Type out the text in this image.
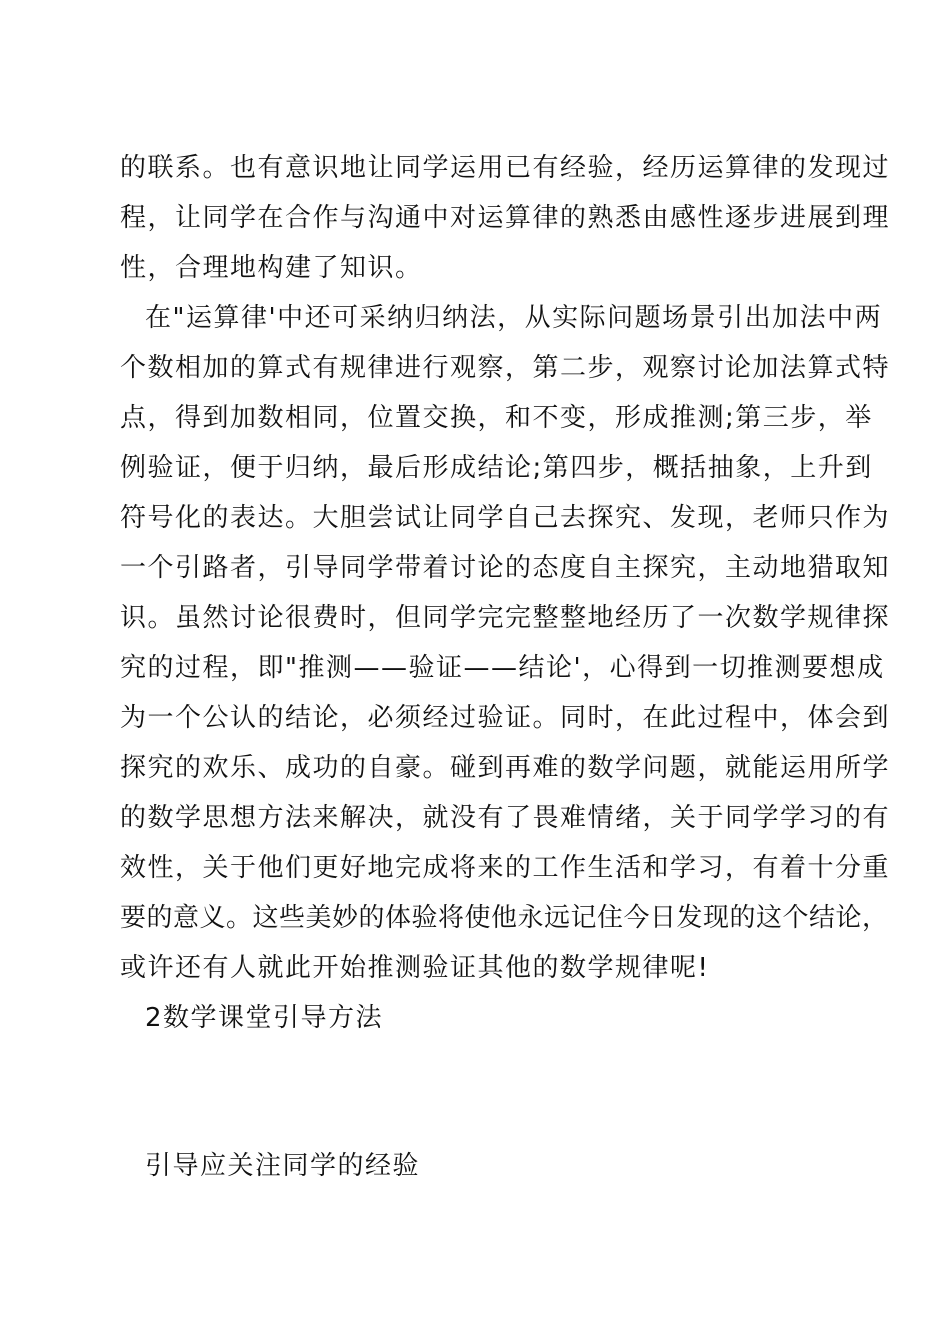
的联系。也有意识地让同学运用已有经验，经历运算律的发现过
程，让同学在合作与沟通中对运算律的熟悉由感性逐步进展到理
性，合理地构建了知识。
在"运算律'中还可采纳归纳法，从实际问题场景引出加法中两
个数相加的算式有规律进行观察，第二步，观察讨论加法算式特
点，得到加数相同，位置交换，和不变，形成推测;第三步，举
例验证，便于归纳，最后形成结论;第四步，概括抽象，上升到
符号化的表达。大胆尝试让同学自己去探究、发现，老师只作为
一个引路者，引导同学带着讨论的态度自主探究，主动地猎取知
识。虽然讨论很费时，但同学完完整整地经历了一次数学规律探
究的过程，即"推测——验证——结论'，心得到一切推测要想成
为一个公认的结论，必须经过验证。同时，在此过程中，体会到
探究的欢乐、成功的自豪。碰到再难的数学问题，就能运用所学
的数学思想方法来解决，就没有了畏难情绪，关于同学学习的有
效性，关于他们更好地完成将来的工作生活和学习，有着十分重
要的意义。这些美妙的体验将使他永远记住今日发现的这个结论，
或许还有人就此开始推测验证其他的数学规律呢!
2数学课堂引导方法
引导应关注同学的经验
